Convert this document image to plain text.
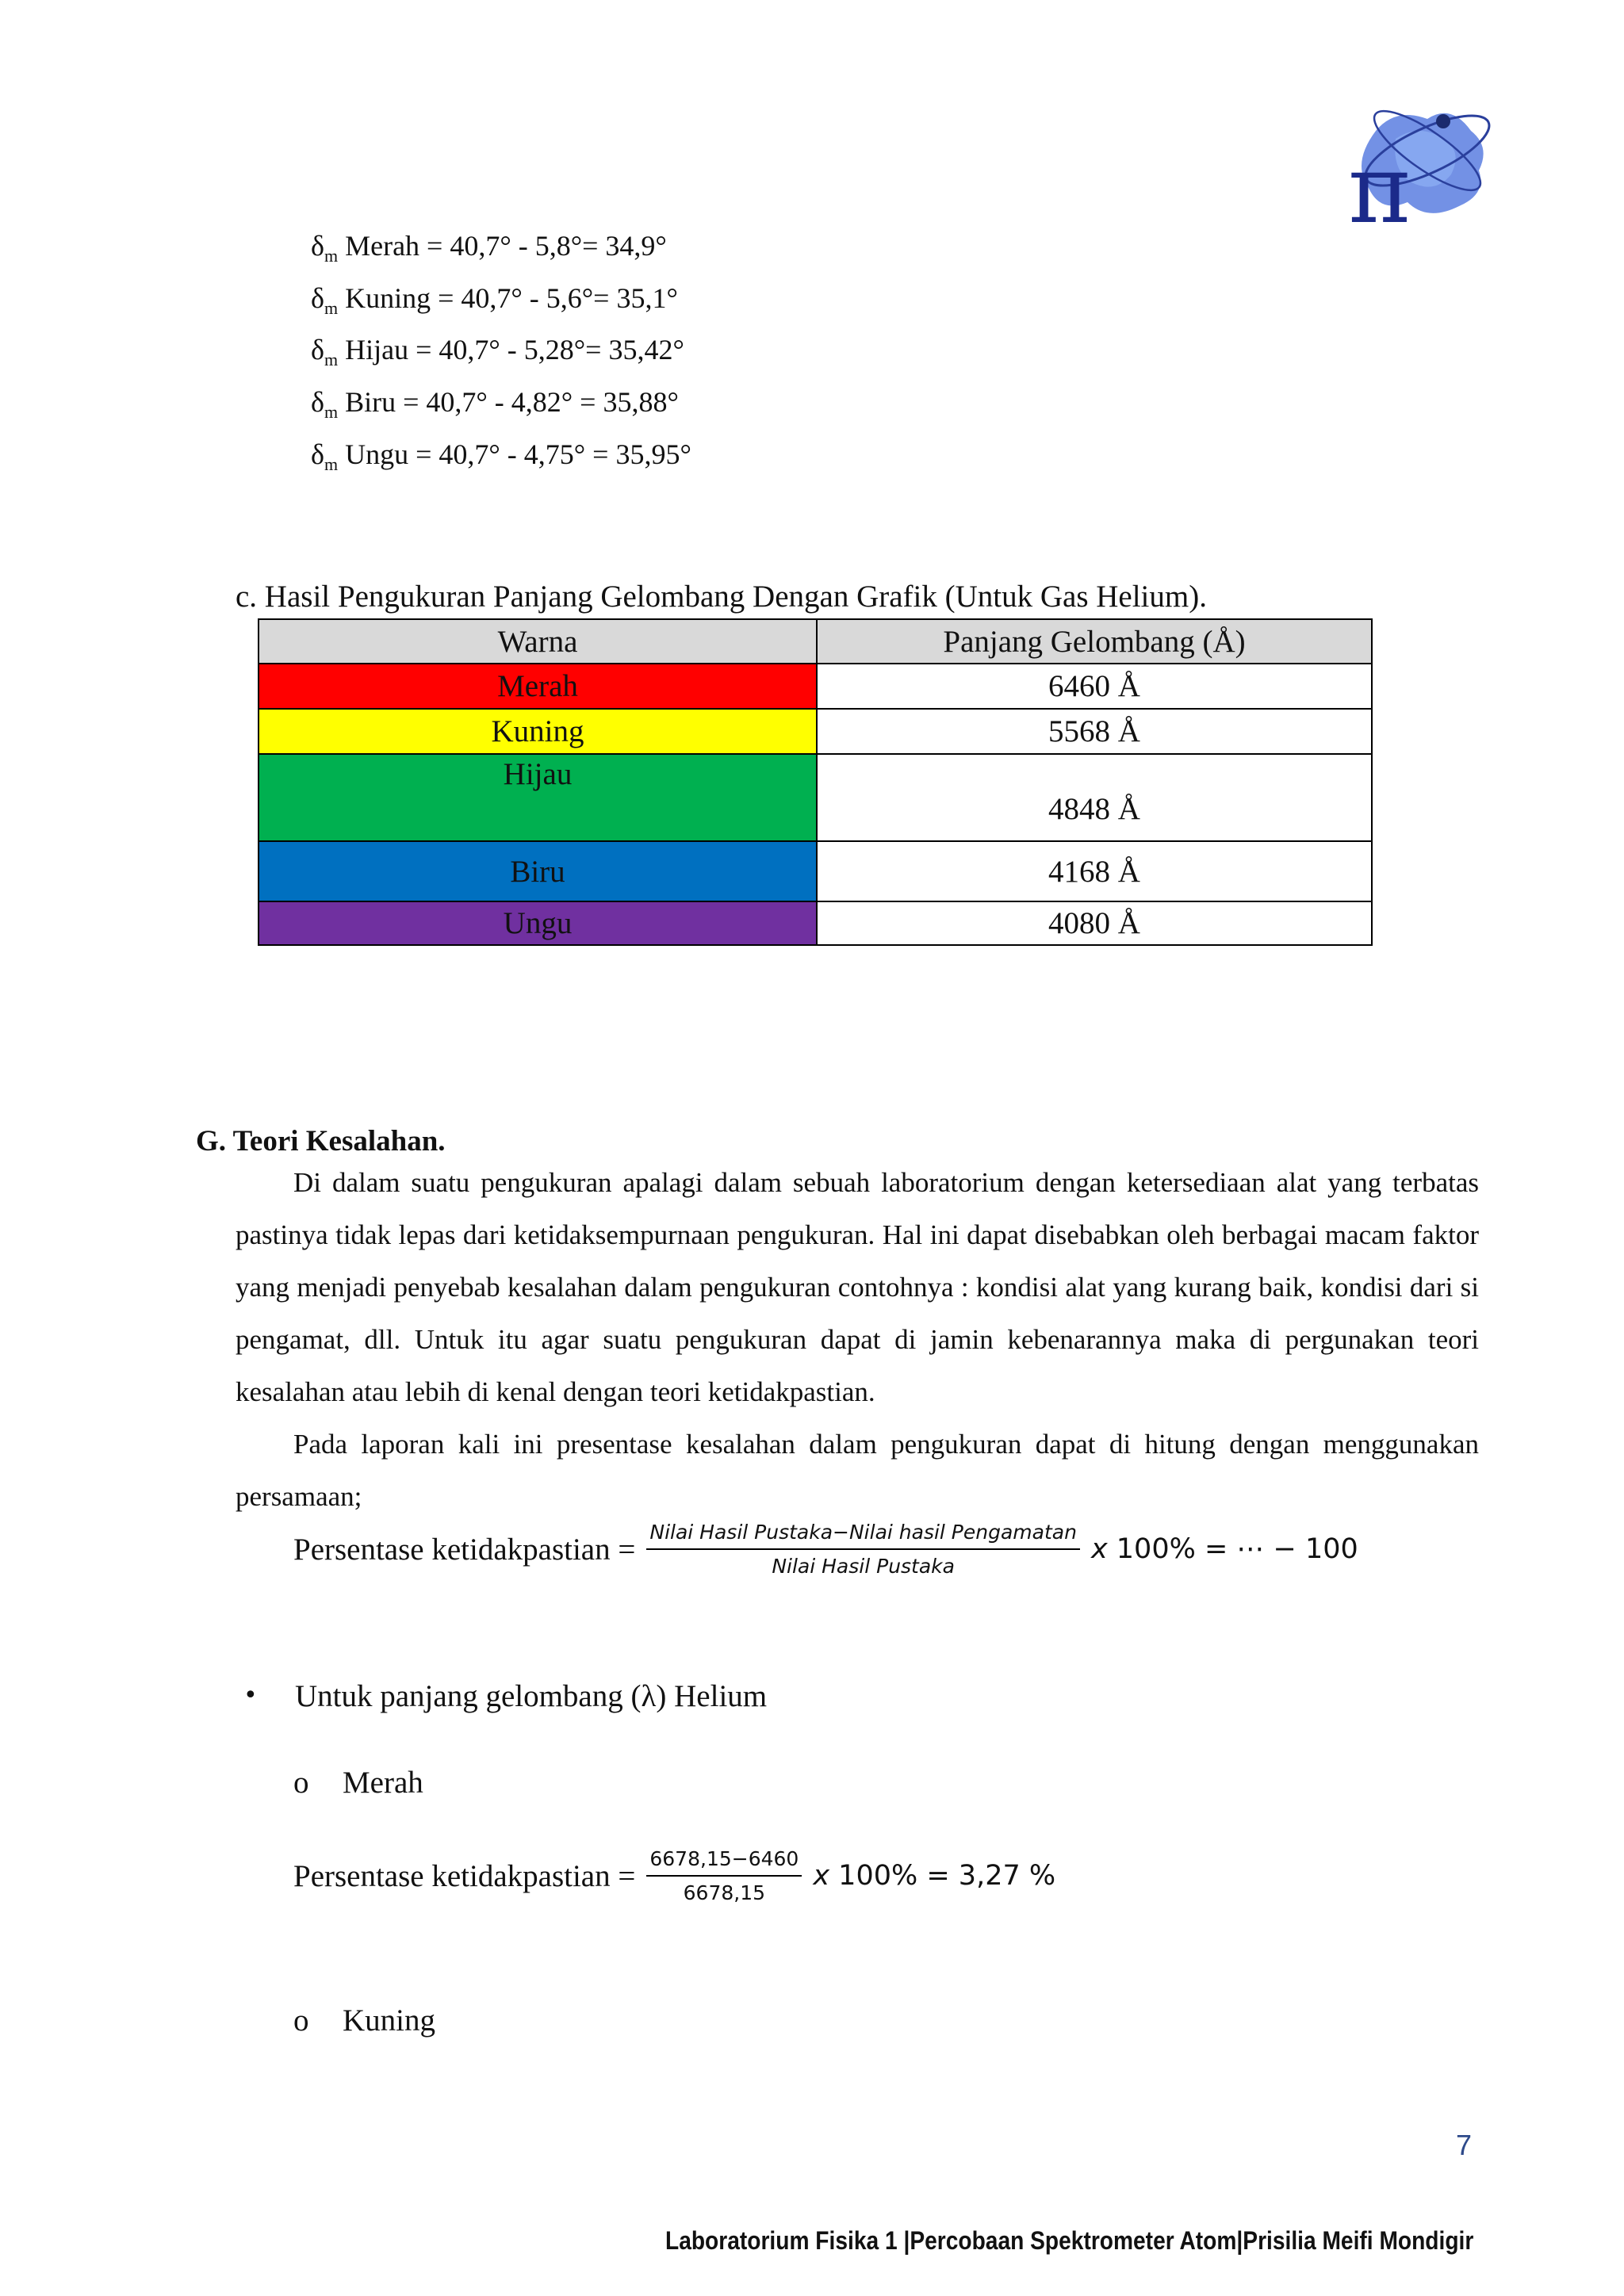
π
$\delta_m$ Merah = 40,7° - 5,8°= 34,9°
$\delta_m$ Kuning = 40,7° - 5,6°= 35,1°
$\delta_m$ Hijau = 40,7° - 5,28°= 35,42°
$\delta_m$ Biru = 40,7° - 4,82° = 35,88°
$\delta_m$ Ungu = 40,7° - 4,75° = 35,95°
c. Hasil Pengukuran Panjang Gelombang Dengan Grafik (Untuk Gas Helium).
Warna	Panjang Gelombang (Å)
Merah	6460 Å
Kuning	5568 Å
Hijau	4848 Å
Biru	4168 Å
Ungu	4080 Å
G. Teori Kesalahan.

Di dalam suatu pengukuran apalagi dalam sebuah laboratorium dengan ketersediaan alat yang terbatas pastinya tidak lepas dari ketidaksempurnaan pengukuran. Hal ini dapat disebabkan oleh berbagai macam faktor yang menjadi penyebab kesalahan dalam pengukuran contohnya : kondisi alat yang kurang baik, kondisi dari si pengamat, dll. Untuk itu agar suatu pengukuran dapat di jamin kebenarannya maka di pergunakan teori kesalahan atau lebih di kenal dengan teori ketidakpastian.

Pada laporan kali ini presentase kesalahan dalam pengukuran dapat di hitung dengan menggunakan persamaan;

Persentase ketidakpastian = $\frac{\text{Nilai Hasil Pustaka−Nilai hasil Pengamatan}}{\text{Nilai Hasil Pustaka}}$ x 100% = ⋯ − 100
• Untuk panjang gelombang (λ) Helium
o Merah
Persentase ketidakpastian = $\frac{6678,15-6460}{6678,15}$ x 100% = 3,27 %
o Kuning
7
Laboratorium Fisika 1 |Percobaan Spektrometer Atom|Prisilia Meifi Mondigir
